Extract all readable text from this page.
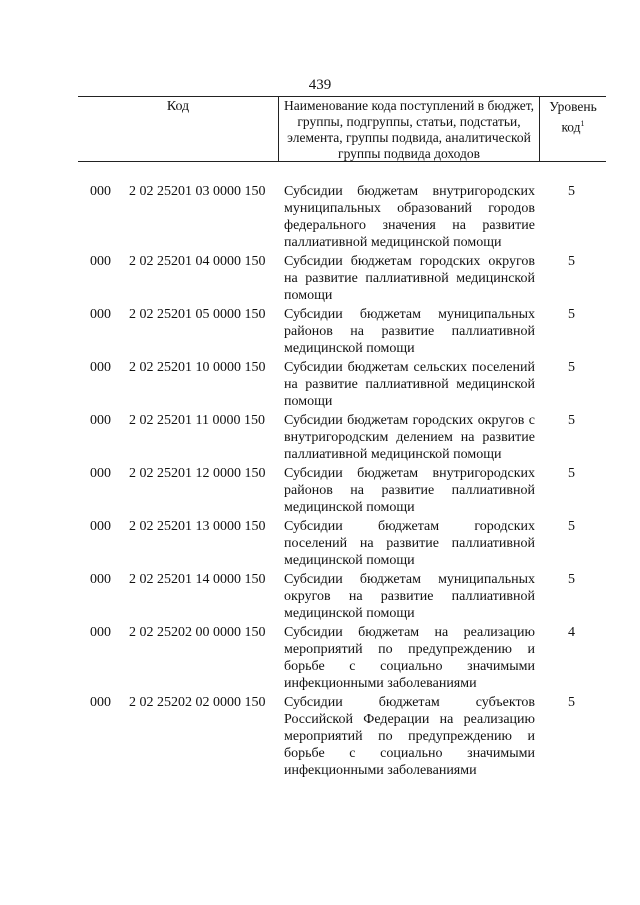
439
Код	Наименование кода поступлений в бюджет, группы, подгруппы, статьи, подстатьи, элемента, группы подвида, аналитической группы подвида доходов
Уровень код$^1$
000 2 02 25201 03 0000 150 Субсидии бюджетам внутригородских муниципальных образований городов федерального значения на развитие паллиативной медицинской помощи
5
000 2 02 25201 04 0000 150 Субсидии бюджетам городских округов на развитие паллиативной медицинской помощи
5
000 2 02 25201 05 0000 150 Субсидии бюджетам муниципальных районов на развитие паллиативной медицинской помощи
5
000 2 02 25201 10 0000 150 Субсидии бюджетам сельских поселений на развитие паллиативной медицинской помощи
5
000 2 02 25201 11 0000 150 Субсидии бюджетам городских округов с внутригородским делением на развитие паллиативной медицинской помощи
5
000 2 02 25201 12 0000 150 Субсидии бюджетам внутригородских районов на развитие паллиативной медицинской помощи
5
000 2 02 25201 13 0000 150 Субсидии бюджетам городских поселений на развитие паллиативной медицинской помощи
5
000 2 02 25201 14 0000 150 Субсидии бюджетам муниципальных округов на развитие паллиативной медицинской помощи
5
000 2 02 25202 00 0000 150 Субсидии бюджетам на реализацию мероприятий по предупреждению и борьбе с социально значимыми инфекционными заболеваниями
4
000 2 02 25202 02 0000 150 Субсидии бюджетам субъектов Российской Федерации на реализацию мероприятий по предупреждению и борьбе с социально значимыми инфекционными заболеваниями
5
